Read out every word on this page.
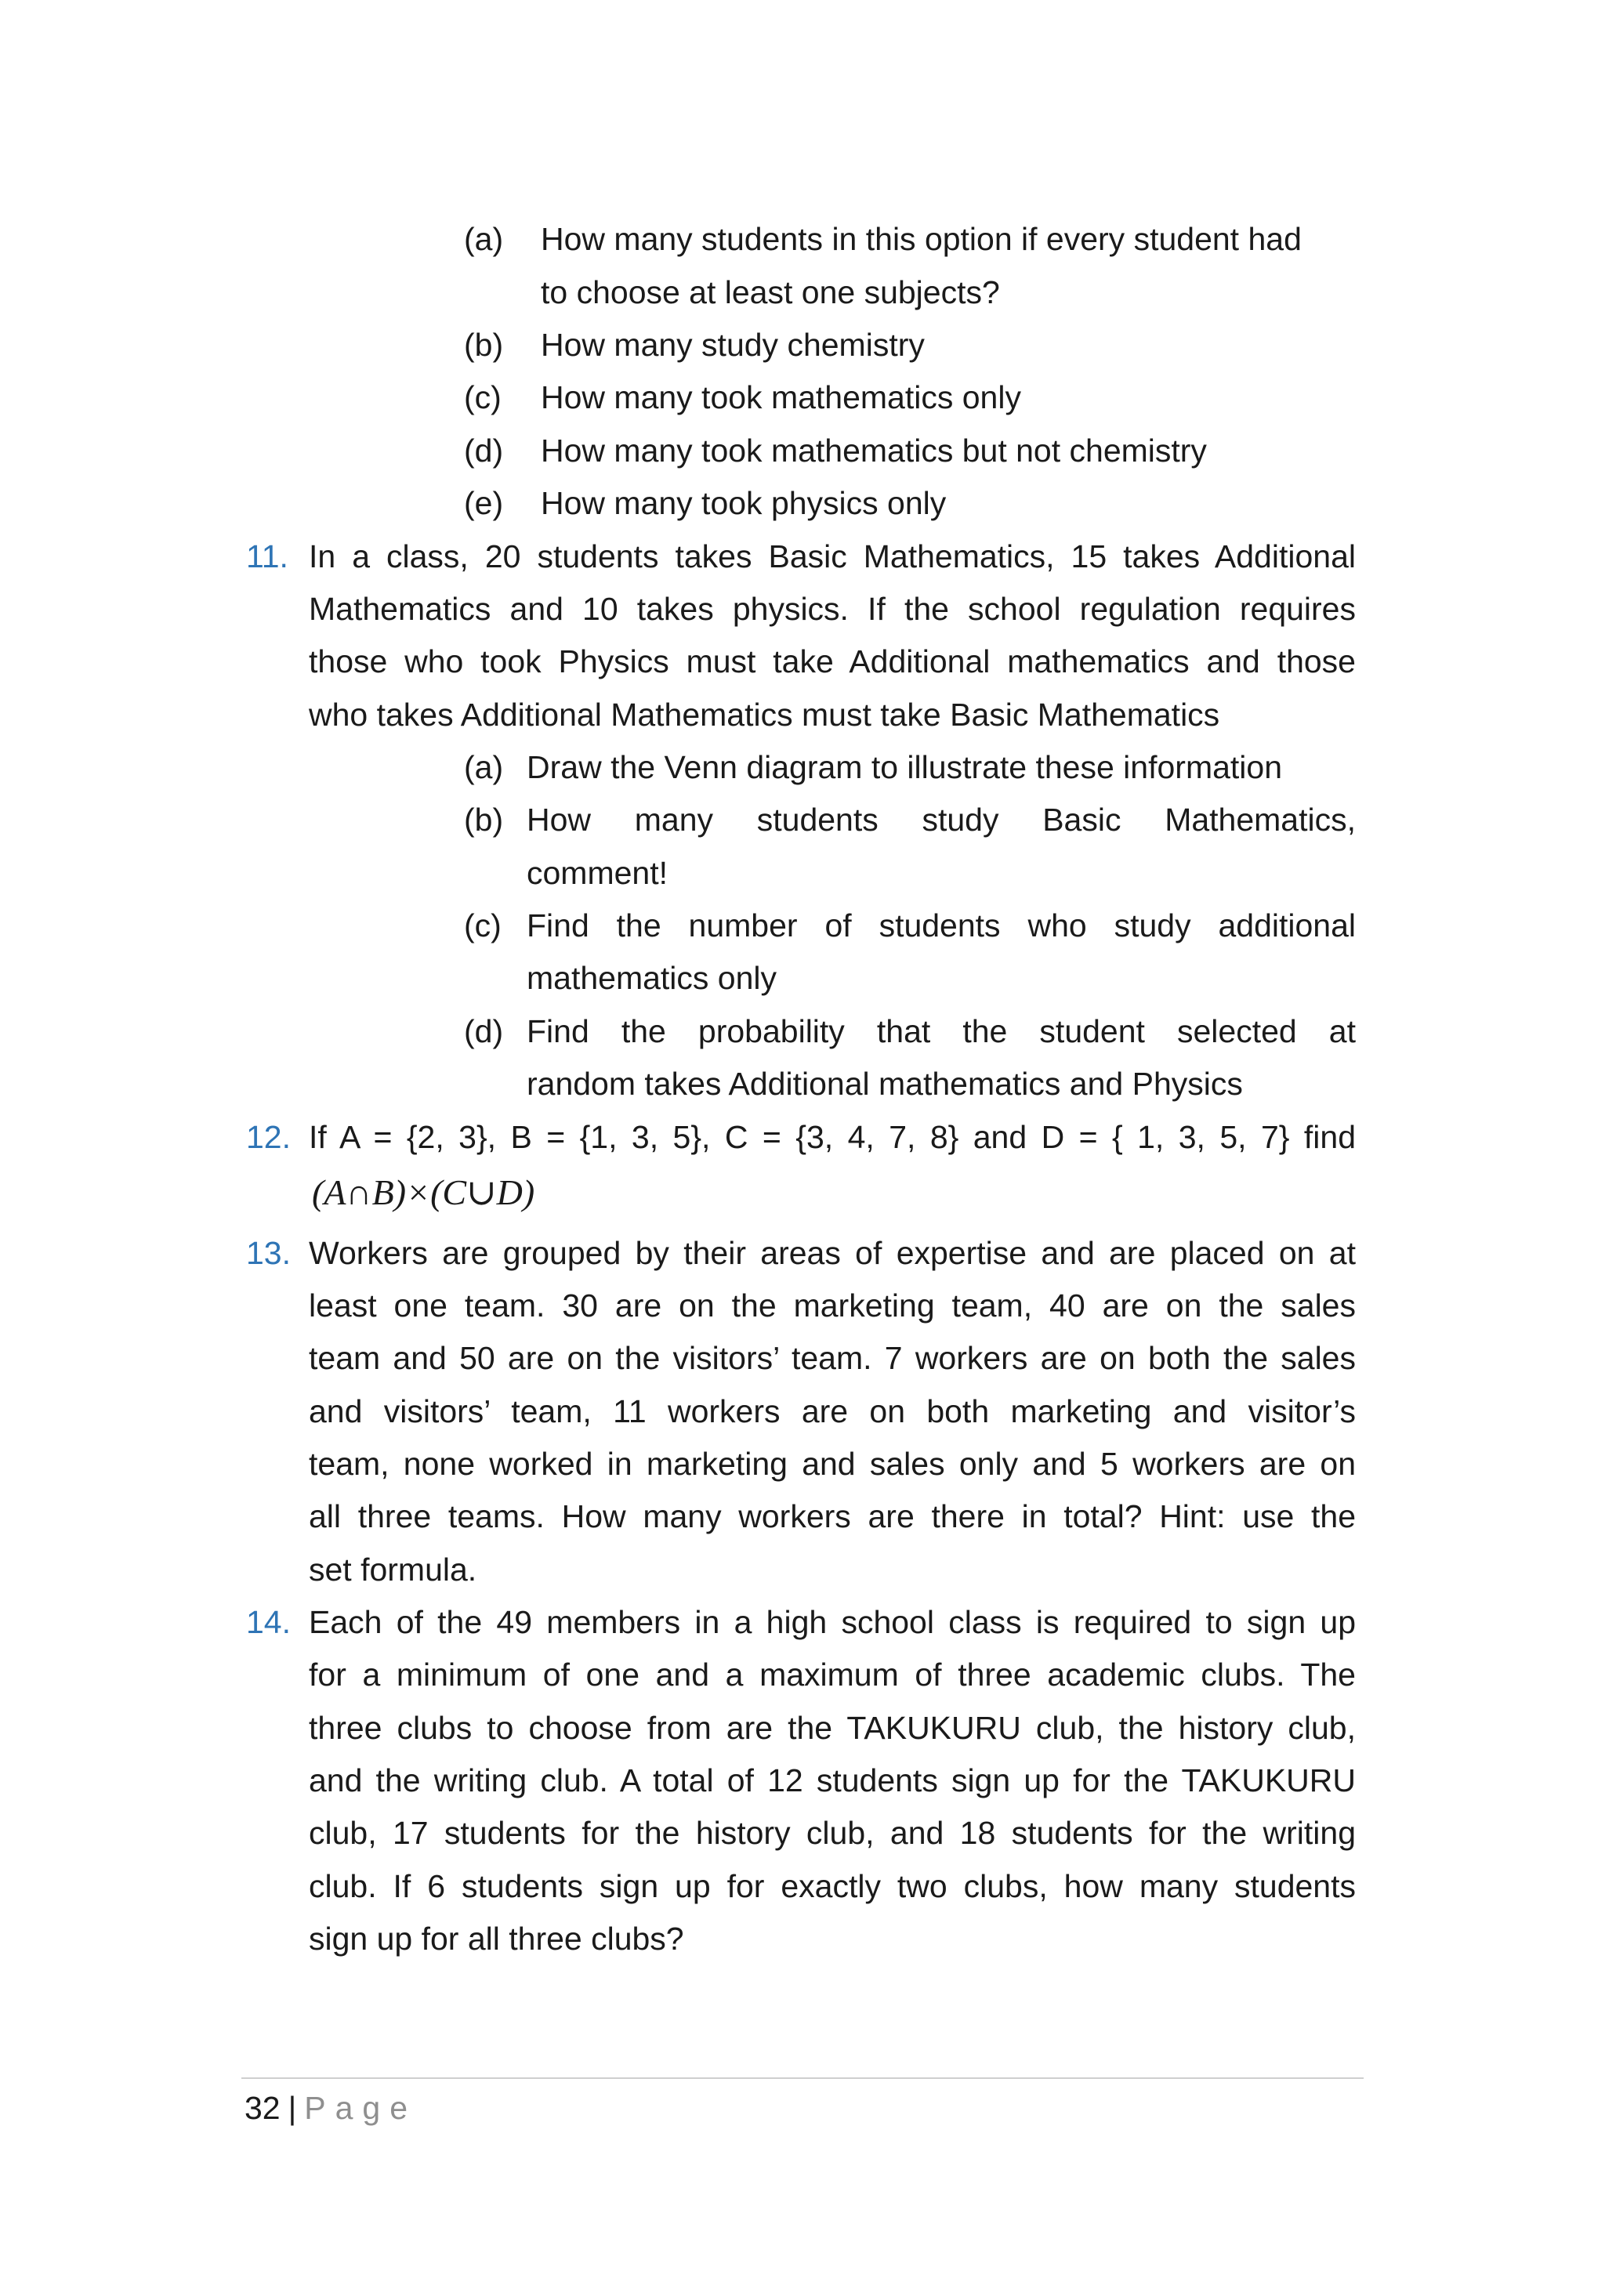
(a) How many students in this option if every student had
to choose at least one subjects?
(b) How many study chemistry
(c) How many took mathematics only
(d) How many took mathematics but not chemistry
(e) How many took physics only
11. In a class, 20 students takes Basic Mathematics, 15 takes Additional
Mathematics and 10 takes physics. If the school regulation requires
those who took Physics must take Additional mathematics and those
who takes Additional Mathematics must take Basic Mathematics
(a) Draw the Venn diagram to illustrate these information
(b) How many students study Basic Mathematics,
comment!
(c) Find the number of students who study additional
mathematics only
(d) Find the probability that the student selected at
random takes Additional mathematics and Physics
12. If A = {2, 3}, B = {1, 3, 5}, C = {3, 4, 7, 8} and D = { 1, 3, 5, 7} find
(A∩B)×(C∪D)
13. Workers are grouped by their areas of expertise and are placed on at
least one team. 30 are on the marketing team, 40 are on the sales
team and 50 are on the visitors’ team. 7 workers are on both the sales
and visitors’ team, 11 workers are on both marketing and visitor’s
team, none worked in marketing and sales only and 5 workers are on
all three teams. How many workers are there in total? Hint: use the
set formula.
14. Each of the 49 members in a high school class is required to sign up
for a minimum of one and a maximum of three academic clubs. The
three clubs to choose from are the TAKUKURU club, the history club,
and the writing club. A total of 12 students sign up for the TAKUKURU
club, 17 students for the history club, and 18 students for the writing
club. If 6 students sign up for exactly two clubs, how many students
sign up for all three clubs?
32 | Page
